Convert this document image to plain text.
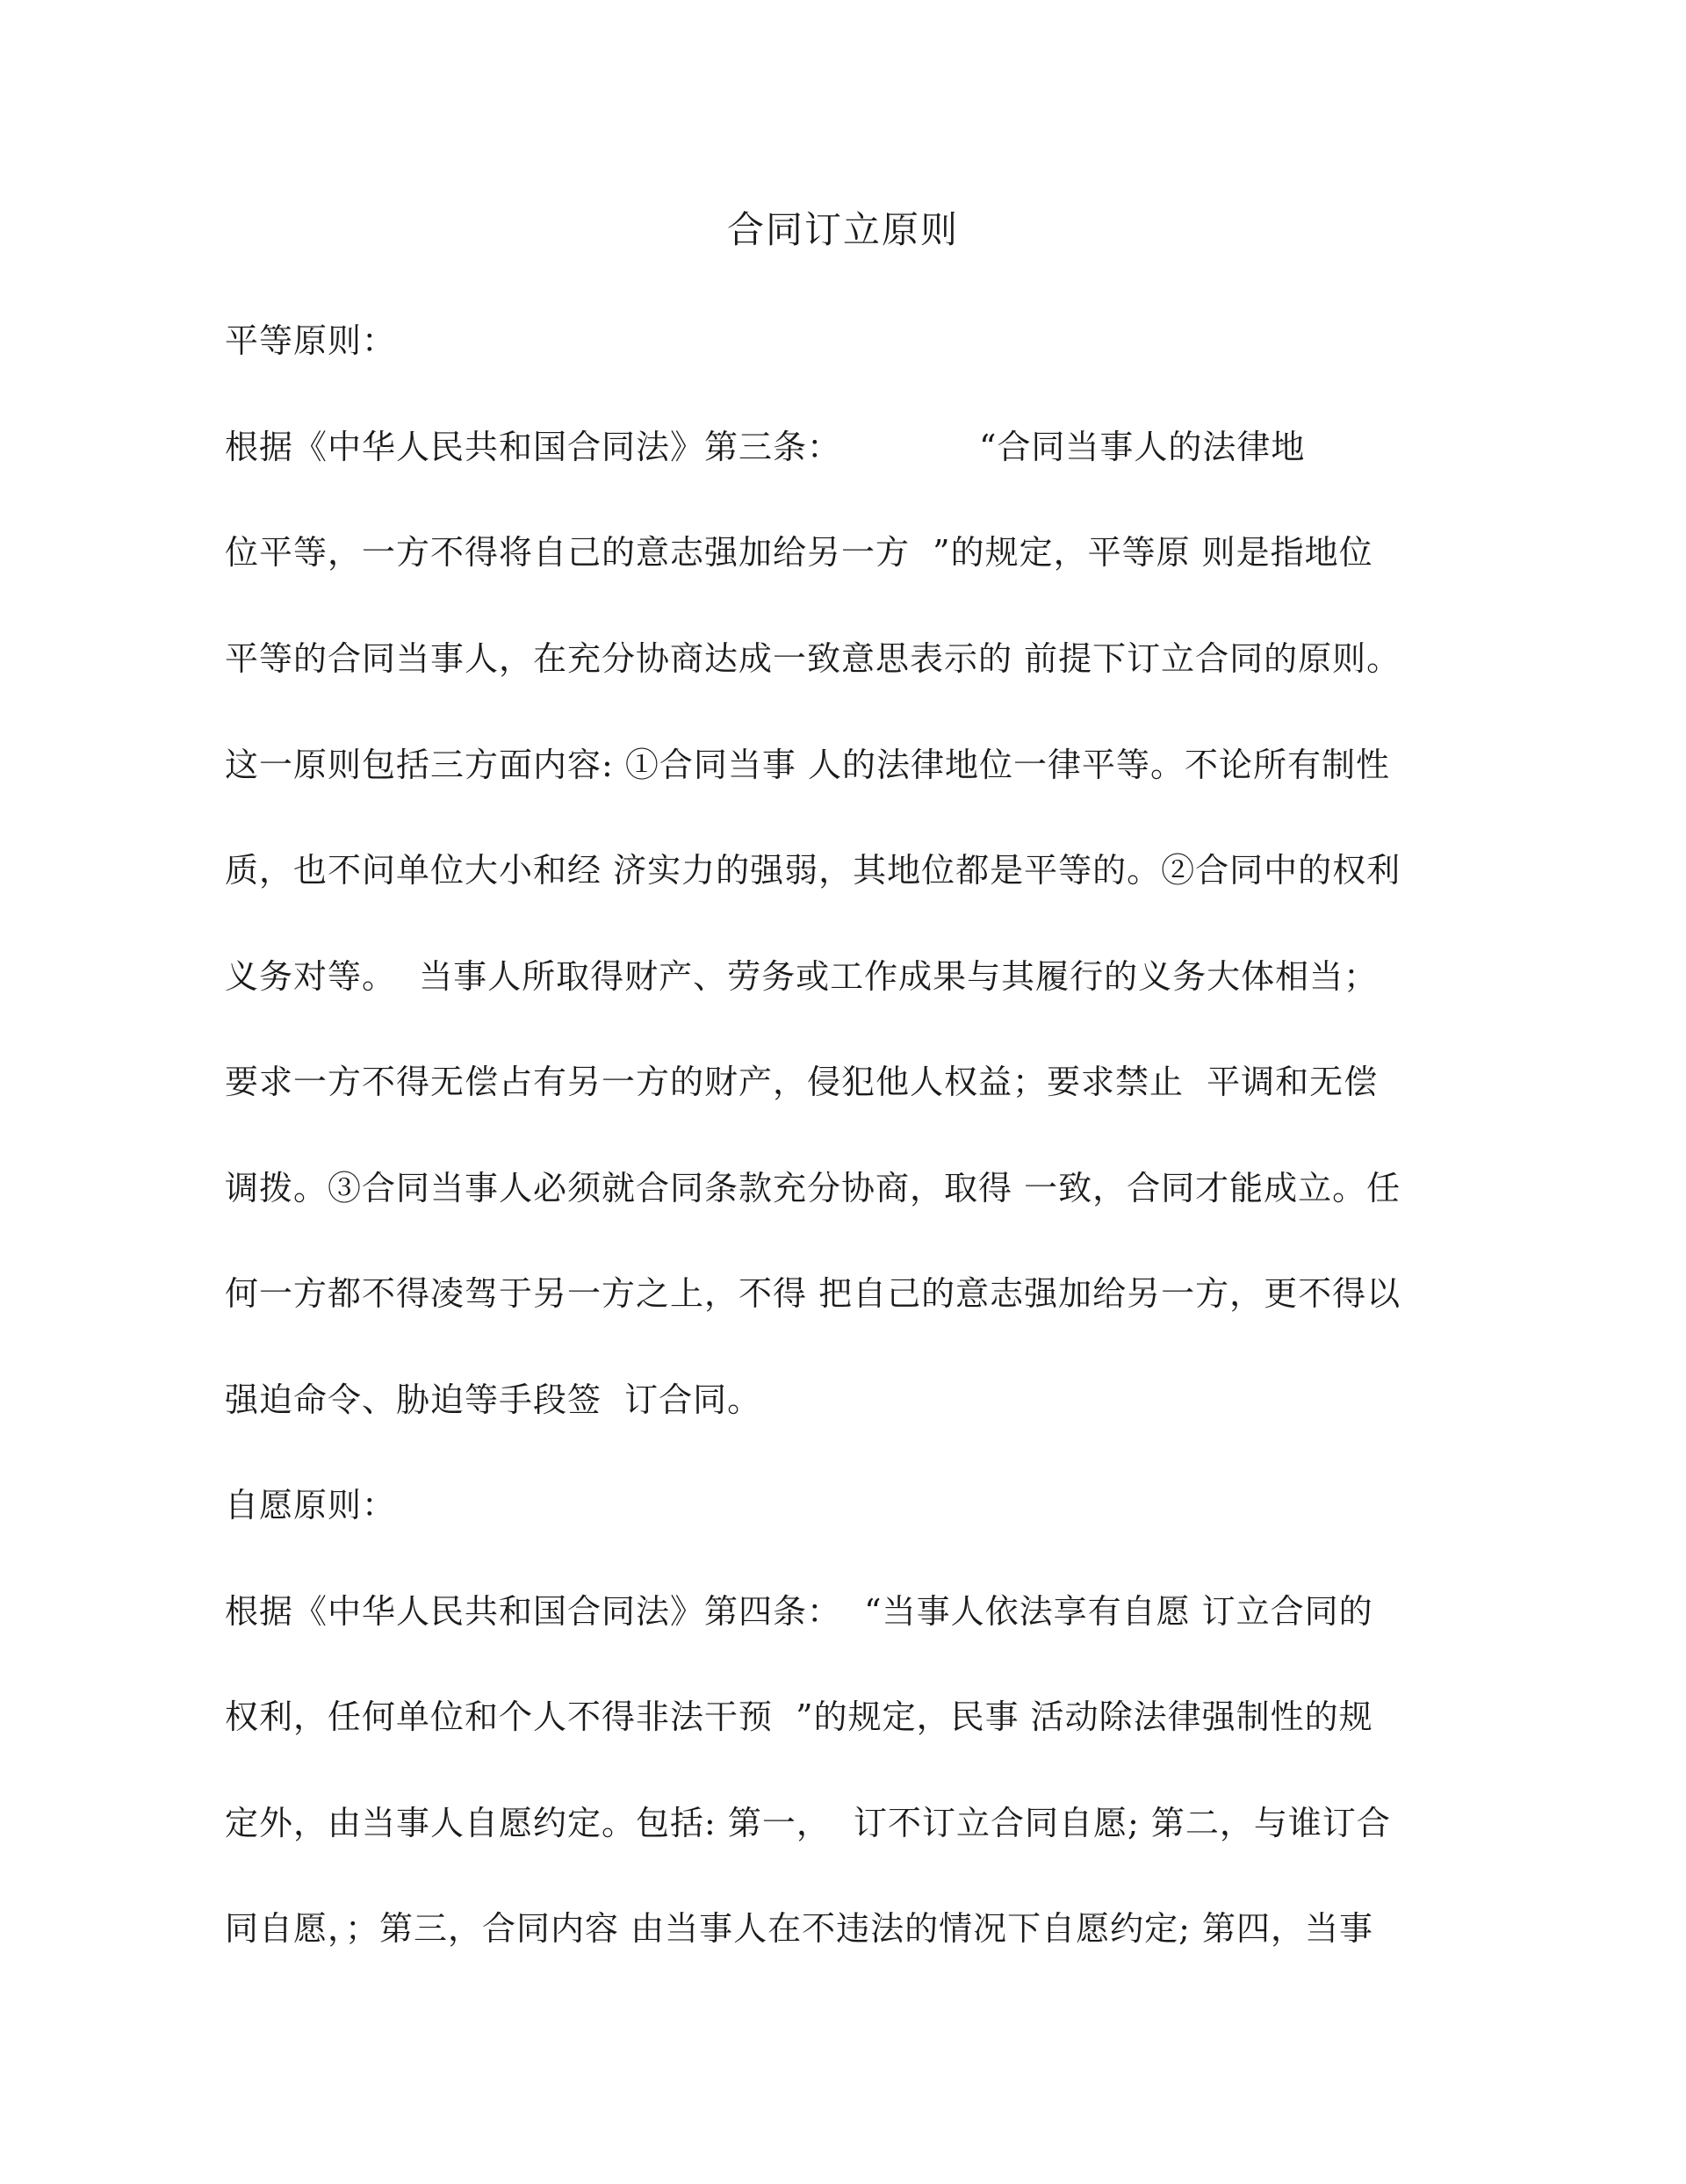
合同订立原则
平等原则：
根据《中华人民共和国合同法》第三条：            “合同当事人的法律地
位平等，一方不得将自己的意志强加给另一方  ”的规定，平等原 则是指地位
平等的合同当事人，在充分协商达成一致意思表示的 前提下订立合同的原则。
这一原则包括三方面内容: ①合同当事 人的法律地位一律平等。不论所有制性
质，也不问单位大小和经 济实力的强弱，其地位都是平等的。②合同中的权利
义务对等。  当事人所取得财产、劳务或工作成果与其履行的义务大体相当；
要求一方不得无偿占有另一方的财产，侵犯他人权益；要求禁止  平调和无偿
调拨。③合同当事人必须就合同条款充分协商，取得 一致，合同才能成立。任
何一方都不得凌驾于另一方之上，不得 把自己的意志强加给另一方，更不得以
强迫命令、胁迫等手段签  订合同。
自愿原则：
根据《中华人民共和国合同法》第四条：  “当事人依法享有自愿 订立合同的
权利，任何单位和个人不得非法干预  ”的规定，民事 活动除法律强制性的规
定外，由当事人自愿约定。包括: 第一，  订不订立合同自愿; 第二，与谁订合
同自愿，；第三，合同内容 由当事人在不违法的情况下自愿约定; 第四，当事
